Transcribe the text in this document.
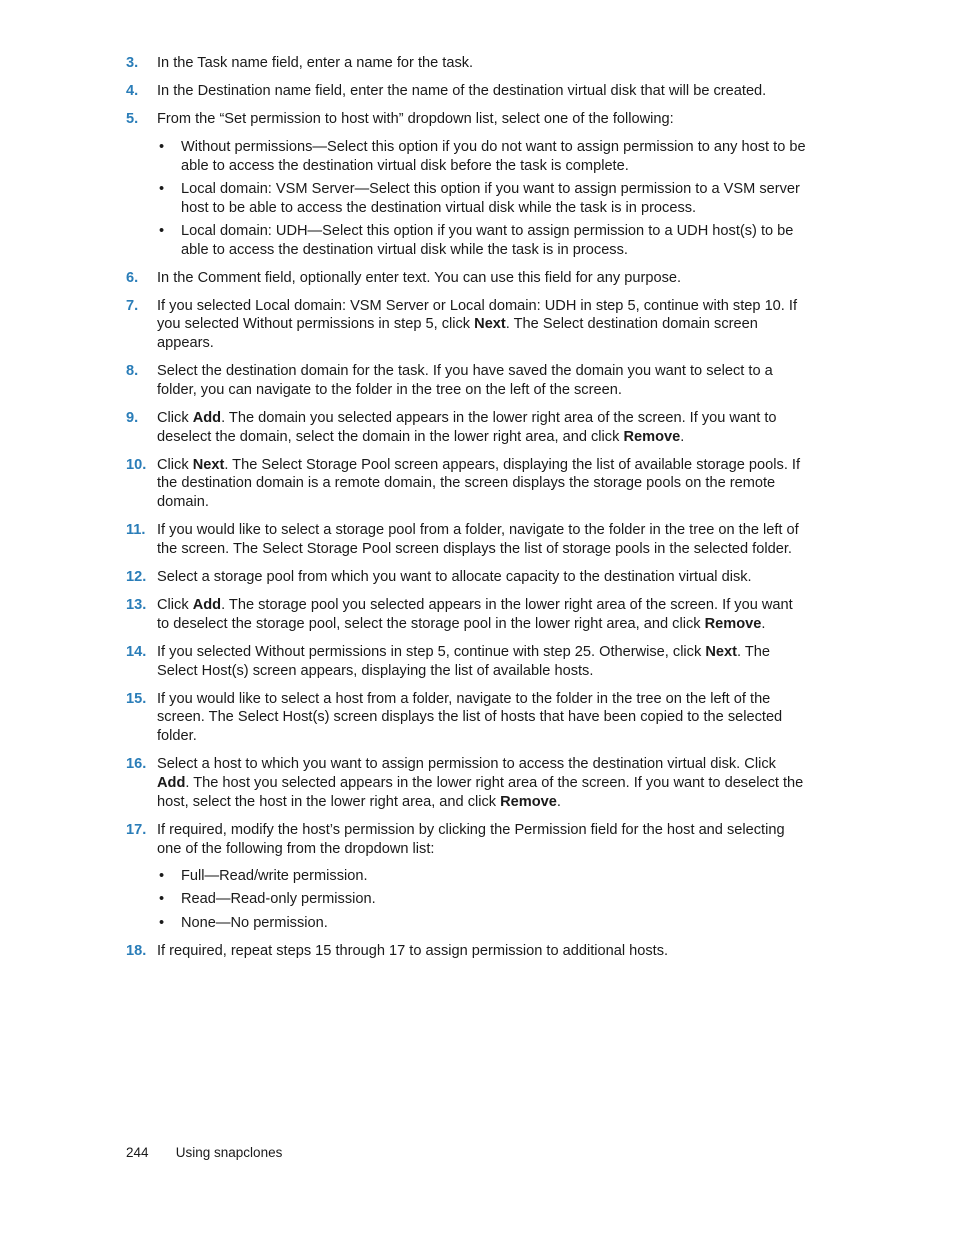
3. In the Task name field, enter a name for the task.
4. In the Destination name field, enter the name of the destination virtual disk that will be created.
5. From the “Set permission to host with” dropdown list, select one of the following:
• Without permissions—Select this option if you do not want to assign permission to any host to be able to access the destination virtual disk before the task is complete.
• Local domain: VSM Server—Select this option if you want to assign permission to a VSM server host to be able to access the destination virtual disk while the task is in process.
• Local domain: UDH—Select this option if you want to assign permission to a UDH host(s) to be able to access the destination virtual disk while the task is in process.
6. In the Comment field, optionally enter text. You can use this field for any purpose.
7. If you selected Local domain: VSM Server or Local domain: UDH in step 5, continue with step 10. If you selected Without permissions in step 5, click Next. The Select destination domain screen appears.
8. Select the destination domain for the task. If you have saved the domain you want to select to a folder, you can navigate to the folder in the tree on the left of the screen.
9. Click Add. The domain you selected appears in the lower right area of the screen. If you want to deselect the domain, select the domain in the lower right area, and click Remove.
10. Click Next. The Select Storage Pool screen appears, displaying the list of available storage pools. If the destination domain is a remote domain, the screen displays the storage pools on the remote domain.
11. If you would like to select a storage pool from a folder, navigate to the folder in the tree on the left of the screen. The Select Storage Pool screen displays the list of storage pools in the selected folder.
12. Select a storage pool from which you want to allocate capacity to the destination virtual disk.
13. Click Add. The storage pool you selected appears in the lower right area of the screen. If you want to deselect the storage pool, select the storage pool in the lower right area, and click Remove.
14. If you selected Without permissions in step 5, continue with step 25. Otherwise, click Next. The Select Host(s) screen appears, displaying the list of available hosts.
15. If you would like to select a host from a folder, navigate to the folder in the tree on the left of the screen. The Select Host(s) screen displays the list of hosts that have been copied to the selected folder.
16. Select a host to which you want to assign permission to access the destination virtual disk. Click Add. The host you selected appears in the lower right area of the screen. If you want to deselect the host, select the host in the lower right area, and click Remove.
17. If required, modify the host’s permission by clicking the Permission field for the host and selecting one of the following from the dropdown list:
• Full—Read/write permission.
• Read—Read-only permission.
• None—No permission.
18. If required, repeat steps 15 through 17 to assign permission to additional hosts.
244 Using snapclones
